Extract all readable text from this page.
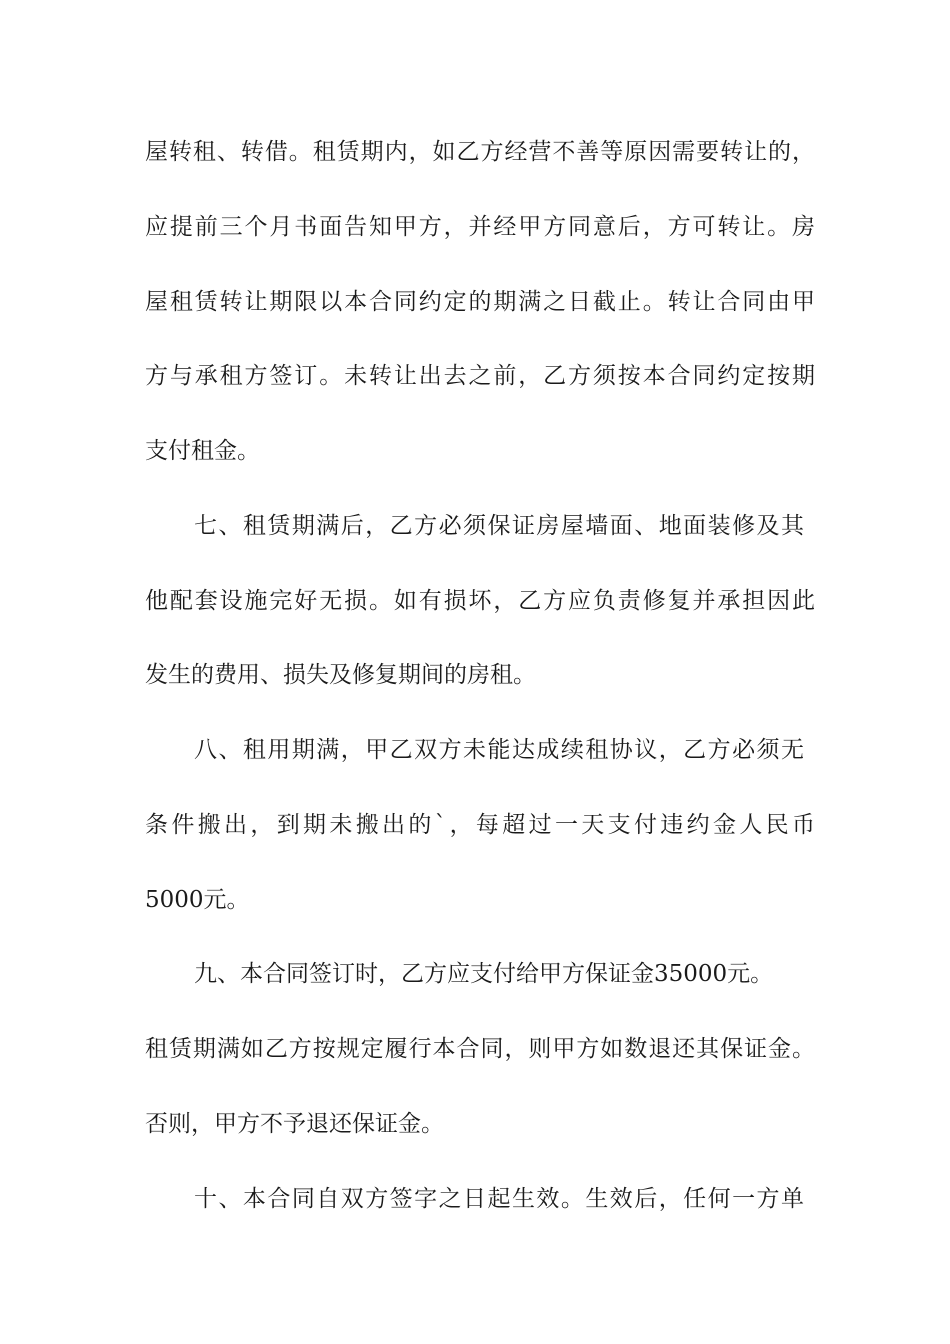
屋转租、转借。租赁期内，如乙方经营不善等原因需要转让的，
应提前三个月书面告知甲方，并经甲方同意后，方可转让。房
屋租赁转让期限以本合同约定的期满之日截止。转让合同由甲
方与承租方签订。未转让出去之前，乙方须按本合同约定按期
支付租金。
七、租赁期满后，乙方必须保证房屋墙面、地面装修及其
他配套设施完好无损。如有损坏，乙方应负责修复并承担因此
发生的费用、损失及修复期间的房租。
八、租用期满，甲乙双方未能达成续租协议，乙方必须无
条件搬出，到期未搬出的`，每超过一天支付违约金人民币
5000元。
九、本合同签订时，乙方应支付给甲方保证金35000元。
租赁期满如乙方按规定履行本合同，则甲方如数退还其保证金。
否则，甲方不予退还保证金。
十、本合同自双方签字之日起生效。生效后，任何一方单
